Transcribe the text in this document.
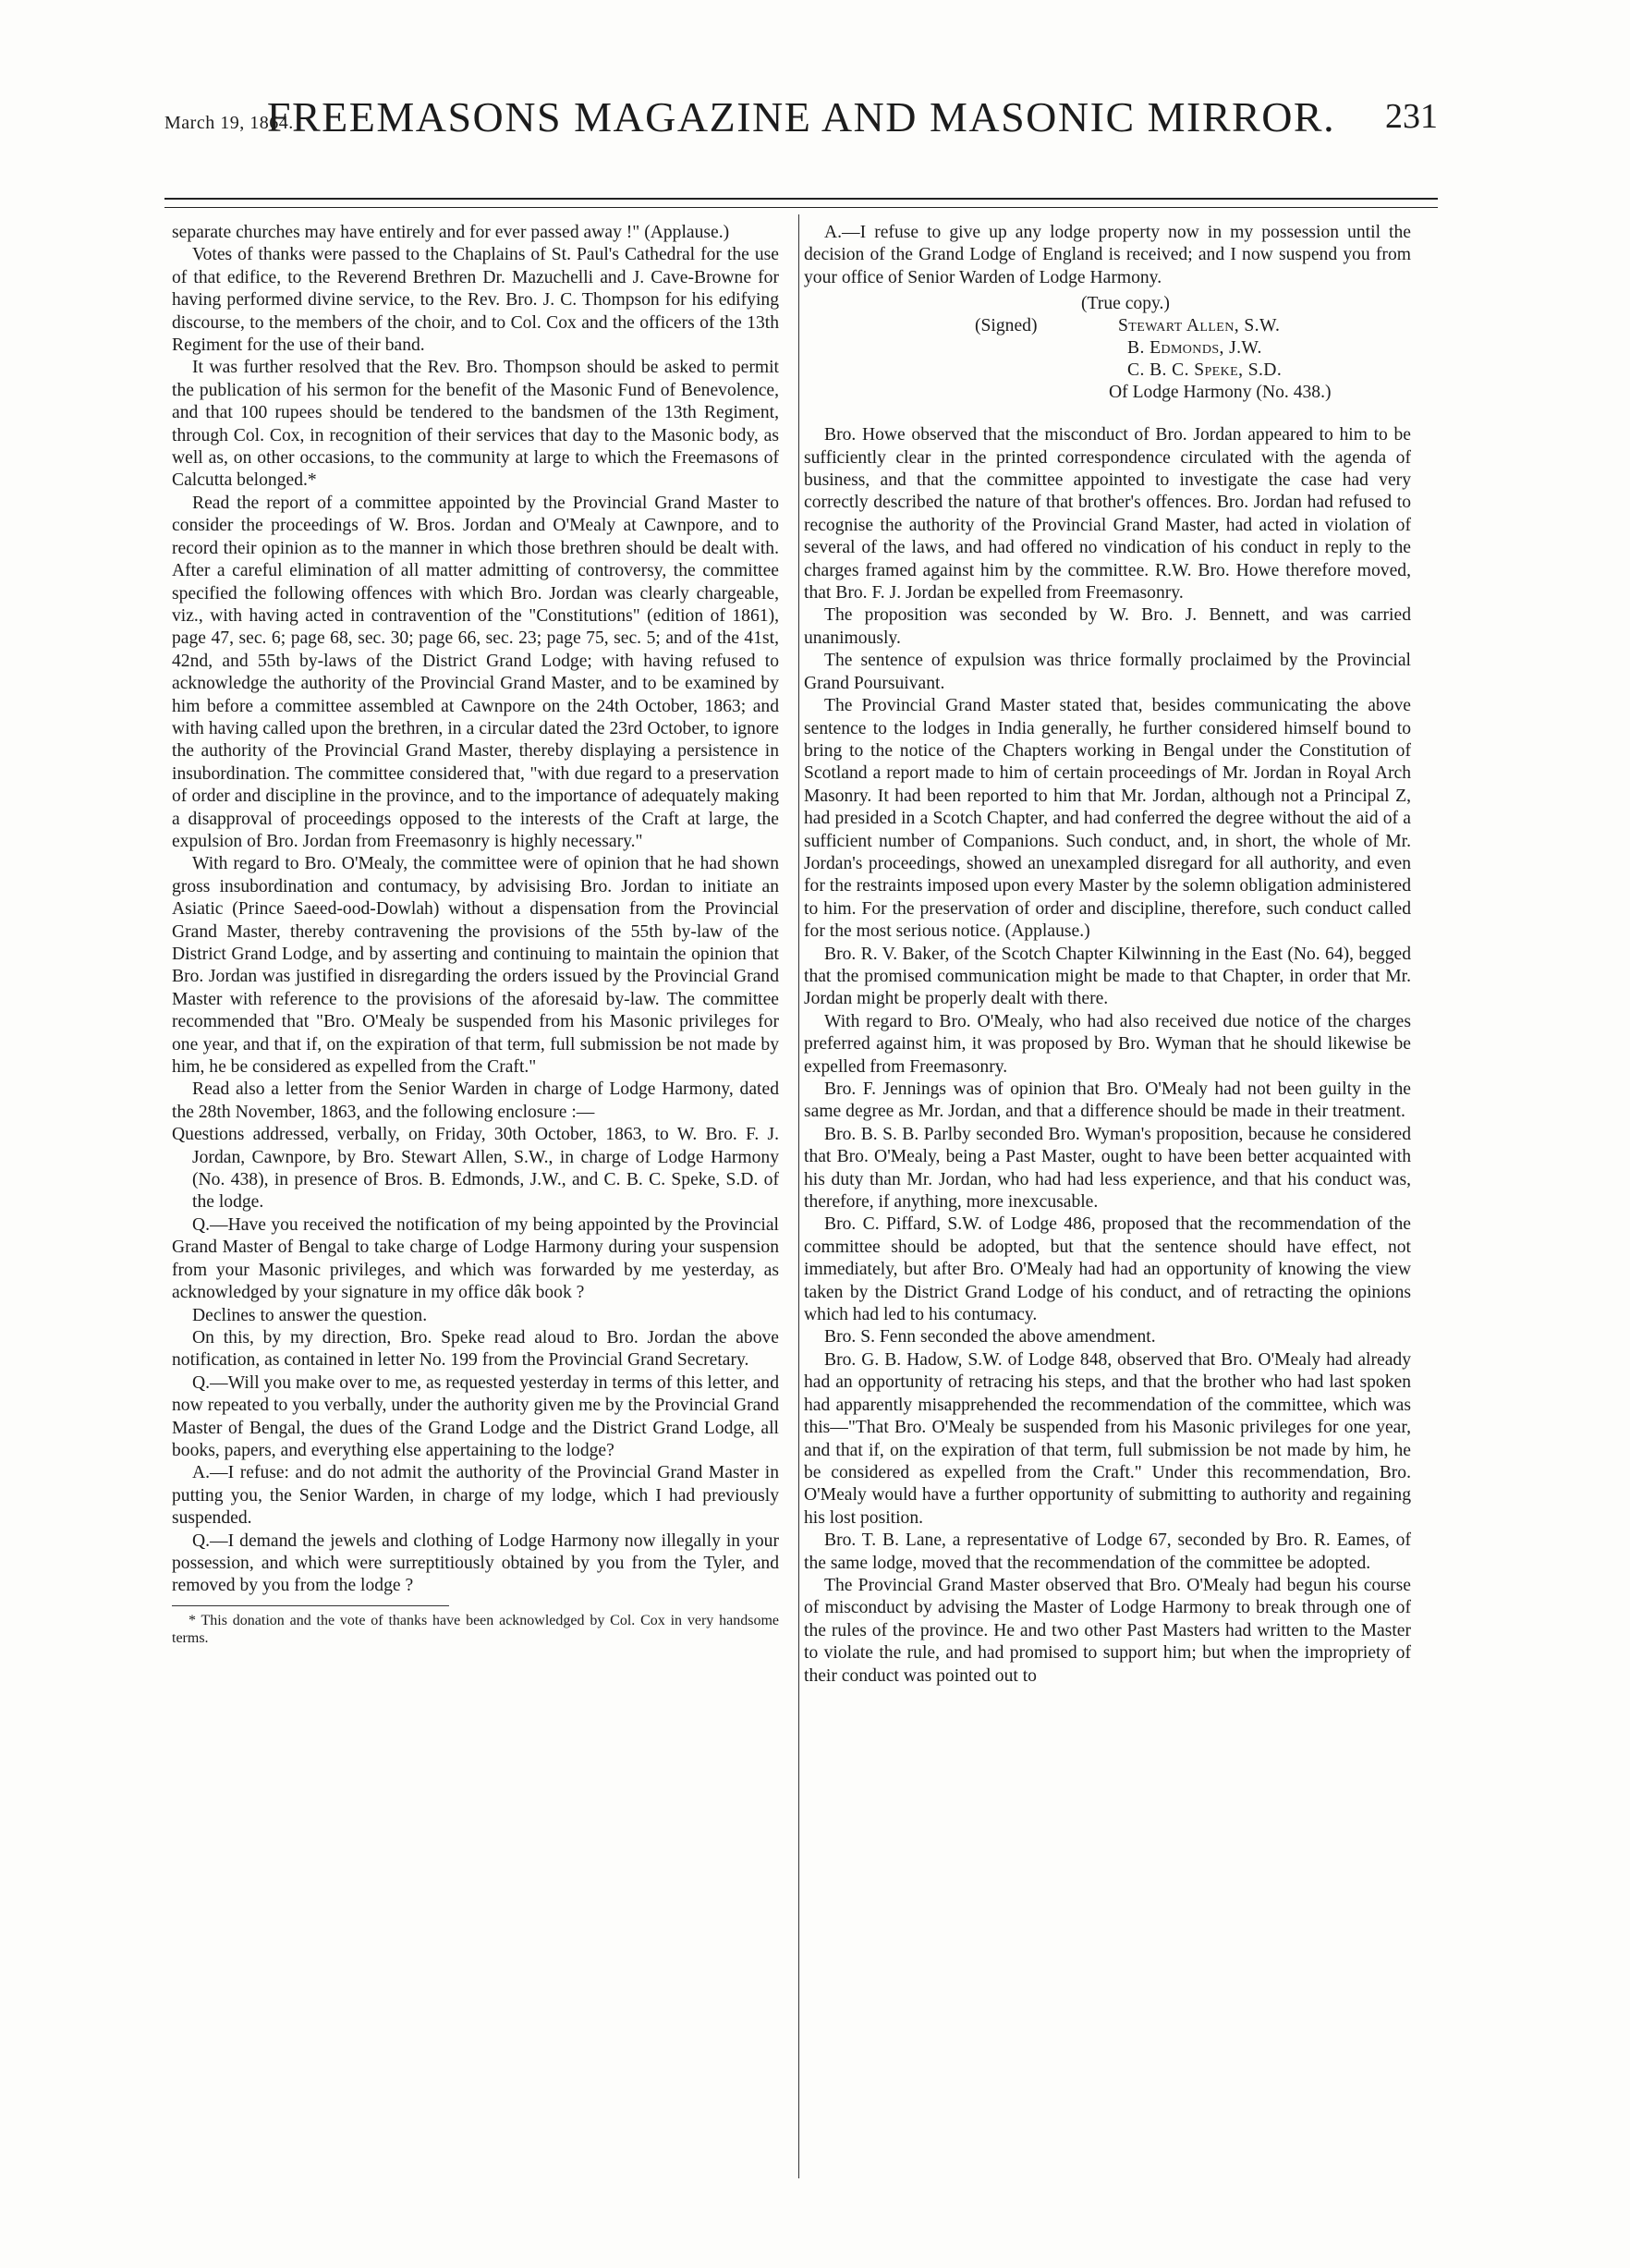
March 19, 1864.
FREEMASONS MAGAZINE AND MASONIC MIRROR.	231

separate churches may have entirely and for ever passed away !" (Applause.)

Votes of thanks were passed to the Chaplains of St. Paul's Cathedral for the use of that edifice, to the Reverend Brethren Dr. Mazuchelli and J. Cave-Browne for having performed divine service, to the Rev. Bro. J. C. Thompson for his edifying discourse, to the members of the choir, and to Col. Cox and the officers of the 13th Regiment for the use of their band.

It was further resolved that the Rev. Bro. Thompson should be asked to permit the publication of his sermon for the benefit of the Masonic Fund of Benevolence, and that 100 rupees should be tendered to the bandsmen of the 13th Regiment, through Col. Cox, in recognition of their services that day to the Masonic body, as well as, on other occasions, to the community at large to which the Freemasons of Calcutta belonged.*

Read the report of a committee appointed by the Provincial Grand Master to consider the proceedings of W. Bros. Jordan and O'Mealy at Cawnpore, and to record their opinion as to the manner in which those brethren should be dealt with. After a careful elimination of all matter admitting of controversy, the committee specified the following offences with which Bro. Jordan was clearly chargeable, viz., with having acted in contravention of the "Constitutions" (edition of 1861), page 47, sec. 6; page 68, sec. 30; page 66, sec. 23; page 75, sec. 5; and of the 41st, 42nd, and 55th by-laws of the District Grand Lodge; with having refused to acknowledge the authority of the Provincial Grand Master, and to be examined by him before a committee assembled at Cawnpore on the 24th October, 1863; and with having called upon the brethren, in a circular dated the 23rd October, to ignore the authority of the Provincial Grand Master, thereby displaying a persistence in insubordination. The committee considered that, "with due regard to a preservation of order and discipline in the province, and to the importance of adequately making a disapproval of proceedings opposed to the interests of the Craft at large, the expulsion of Bro. Jordan from Freemasonry is highly necessary."

With regard to Bro. O'Mealy, the committee were of opinion that he had shown gross insubordination and contumacy, by advisising Bro. Jordan to initiate an Asiatic (Prince Saeed-ood-Dowlah) without a dispensation from the Provincial Grand Master, thereby contravening the provisions of the 55th by-law of the District Grand Lodge, and by asserting and continuing to maintain the opinion that Bro. Jordan was justified in disregarding the orders issued by the Provincial Grand Master with reference to the provisions of the aforesaid by-law. The committee recommended that "Bro. O'Mealy be suspended from his Masonic privileges for one year, and that if, on the expiration of that term, full submission be not made by him, he be considered as expelled from the Craft."

Read also a letter from the Senior Warden in charge of Lodge Harmony, dated the 28th November, 1863, and the following enclosure :—

Questions addressed, verbally, on Friday, 30th October, 1863, to W. Bro. F. J. Jordan, Cawnpore, by Bro. Stewart Allen, S.W., in charge of Lodge Harmony (No. 438), in presence of Bros. B. Edmonds, J.W., and C. B. C. Speke, S.D. of the lodge.

Q.—Have you received the notification of my being appointed by the Provincial Grand Master of Bengal to take charge of Lodge Harmony during your suspension from your Masonic privileges, and which was forwarded by me yesterday, as acknowledged by your signature in my office dâk book ?

Declines to answer the question.

On this, by my direction, Bro. Speke read aloud to Bro. Jordan the above notification, as contained in letter No. 199 from the Provincial Grand Secretary.

Q.—Will you make over to me, as requested yesterday in terms of this letter, and now repeated to you verbally, under the authority given me by the Provincial Grand Master of Bengal, the dues of the Grand Lodge and the District Grand Lodge, all books, papers, and everything else appertaining to the lodge?

A.—I refuse: and do not admit the authority of the Provincial Grand Master in putting you, the Senior Warden, in charge of my lodge, which I had previously suspended.

Q.—I demand the jewels and clothing of Lodge Harmony now illegally in your possession, and which were surreptitiously obtained by you from the Tyler, and removed by you from the lodge ?

* This donation and the vote of thanks have been acknowledged by Col. Cox in very handsome terms.

A.—I refuse to give up any lodge property now in my possession until the decision of the Grand Lodge of England is received; and I now suspend you from your office of Senior Warden of Lodge Harmony.

(True copy.)
(Signed)	Stewart Allen, S.W.
B. Edmonds, J.W.
C. B. C. Speke, S.D.
Of Lodge Harmony (No. 438.)

Bro. Howe observed that the misconduct of Bro. Jordan appeared to him to be sufficiently clear in the printed correspondence circulated with the agenda of business, and that the committee appointed to investigate the case had very correctly described the nature of that brother's offences. Bro. Jordan had refused to recognise the authority of the Provincial Grand Master, had acted in violation of several of the laws, and had offered no vindication of his conduct in reply to the charges framed against him by the committee. R.W. Bro. Howe therefore moved, that Bro. F. J. Jordan be expelled from Freemasonry.

The proposition was seconded by W. Bro. J. Bennett, and was carried unanimously.

The sentence of expulsion was thrice formally proclaimed by the Provincial Grand Poursuivant.

The Provincial Grand Master stated that, besides communicating the above sentence to the lodges in India generally, he further considered himself bound to bring to the notice of the Chapters working in Bengal under the Constitution of Scotland a report made to him of certain proceedings of Mr. Jordan in Royal Arch Masonry. It had been reported to him that Mr. Jordan, although not a Principal Z, had presided in a Scotch Chapter, and had conferred the degree without the aid of a sufficient number of Companions. Such conduct, and, in short, the whole of Mr. Jordan's proceedings, showed an unexampled disregard for all authority, and even for the restraints imposed upon every Master by the solemn obligation administered to him. For the preservation of order and discipline, therefore, such conduct called for the most serious notice. (Applause.)

Bro. R. V. Baker, of the Scotch Chapter Kilwinning in the East (No. 64), begged that the promised communication might be made to that Chapter, in order that Mr. Jordan might be properly dealt with there.

With regard to Bro. O'Mealy, who had also received due notice of the charges preferred against him, it was proposed by Bro. Wyman that he should likewise be expelled from Freemasonry.

Bro. F. Jennings was of opinion that Bro. O'Mealy had not been guilty in the same degree as Mr. Jordan, and that a difference should be made in their treatment.

Bro. B. S. B. Parlby seconded Bro. Wyman's proposition, because he considered that Bro. O'Mealy, being a Past Master, ought to have been better acquainted with his duty than Mr. Jordan, who had had less experience, and that his conduct was, therefore, if anything, more inexcusable.

Bro. C. Piffard, S.W. of Lodge 486, proposed that the recommendation of the committee should be adopted, but that the sentence should have effect, not immediately, but after Bro. O'Mealy had had an opportunity of knowing the view taken by the District Grand Lodge of his conduct, and of retracting the opinions which had led to his contumacy.

Bro. S. Fenn seconded the above amendment.

Bro. G. B. Hadow, S.W. of Lodge 848, observed that Bro. O'Mealy had already had an opportunity of retracing his steps, and that the brother who had last spoken had apparently misapprehended the recommendation of the committee, which was this—"That Bro. O'Mealy be suspended from his Masonic privileges for one year, and that if, on the expiration of that term, full submission be not made by him, he be considered as expelled from the Craft." Under this recommendation, Bro. O'Mealy would have a further opportunity of submitting to authority and regaining his lost position.

Bro. T. B. Lane, a representative of Lodge 67, seconded by Bro. R. Eames, of the same lodge, moved that the recommendation of the committee be adopted.

The Provincial Grand Master observed that Bro. O'Mealy had begun his course of misconduct by advising the Master of Lodge Harmony to break through one of the rules of the province. He and two other Past Masters had written to the Master to violate the rule, and had promised to support him; but when the impropriety of their conduct was pointed out to
